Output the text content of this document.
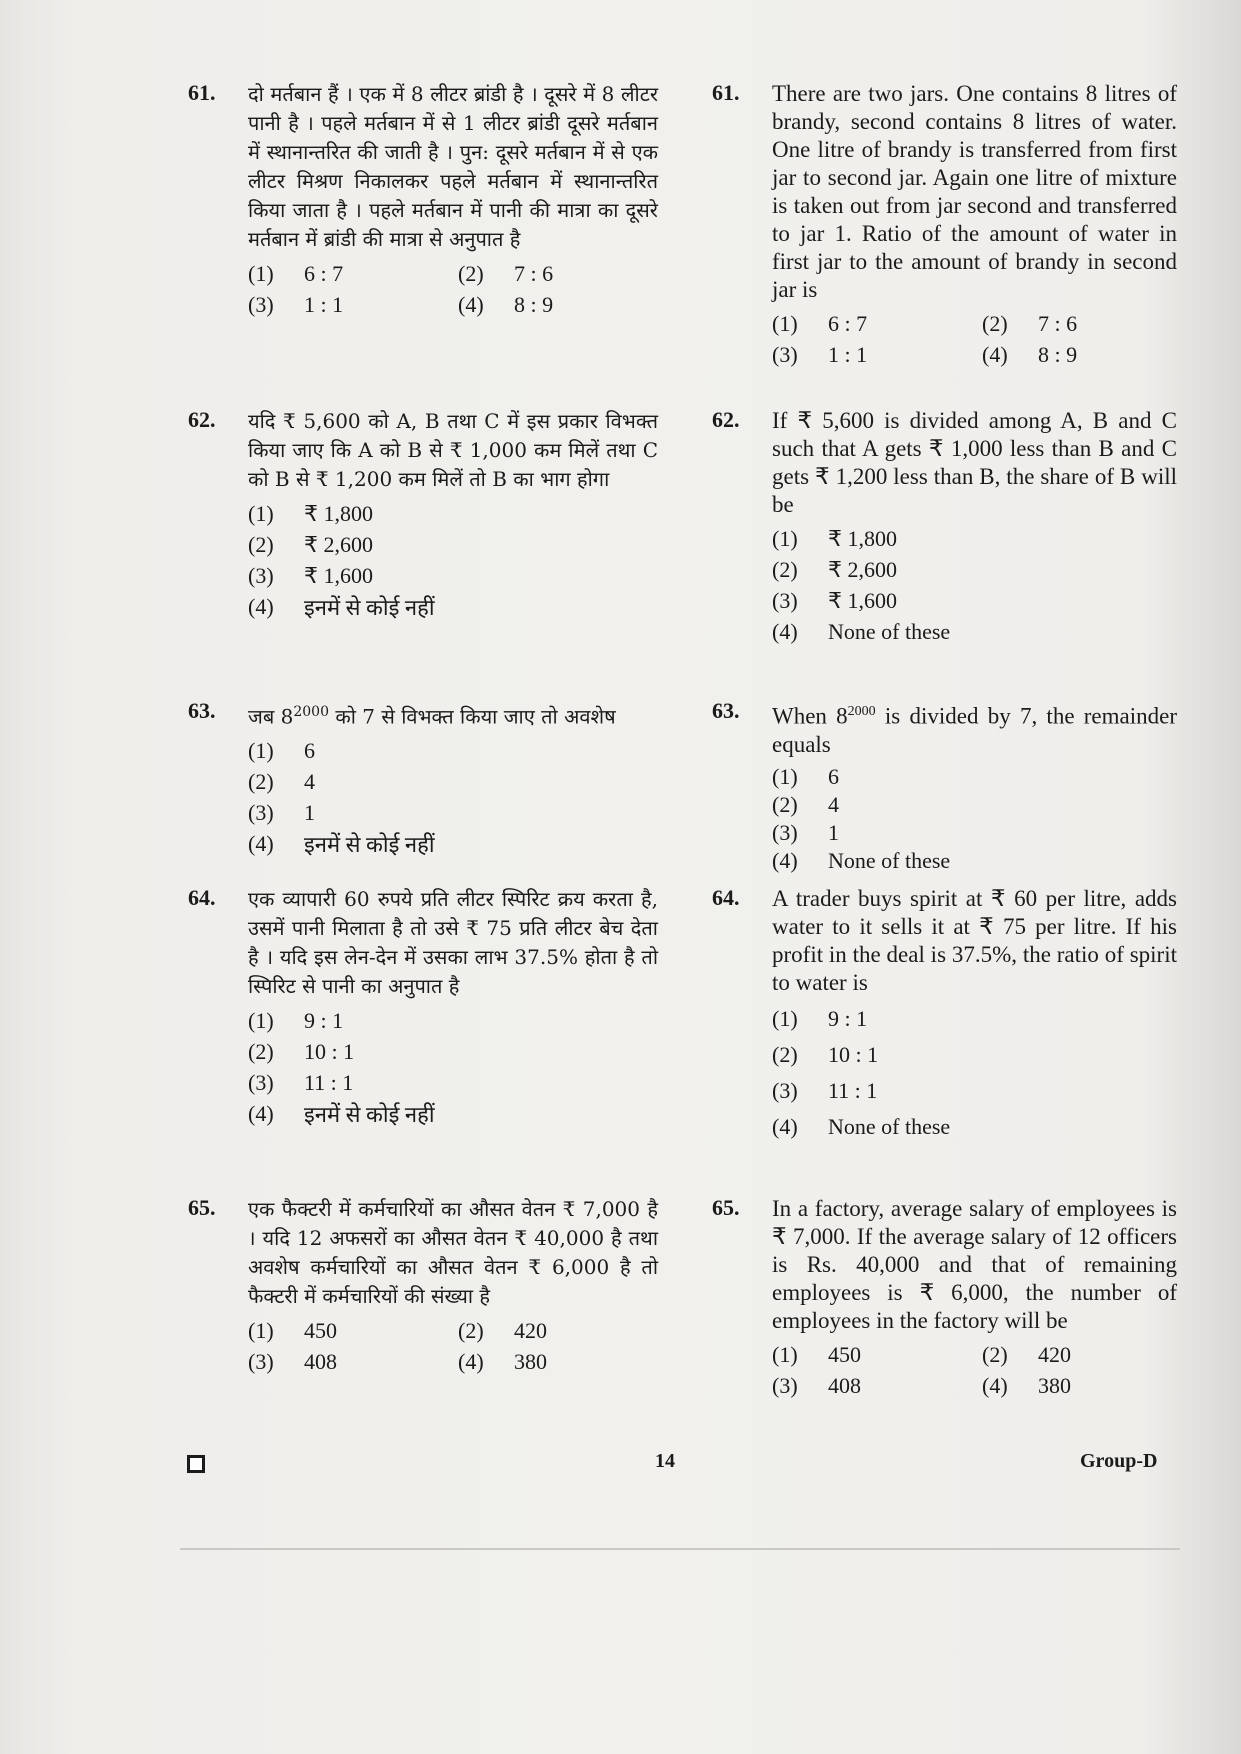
61. दो मर्तबान हैं । एक में 8 लीटर ब्रांडी है । दूसरे में 8 लीटर पानी है । पहले मर्तबान में से 1 लीटर ब्रांडी दूसरे मर्तबान में स्थानान्तरित की जाती है । पुन: दूसरे मर्तबान में से एक लीटर मिश्रण निकालकर पहले मर्तबान में स्थानान्तरित किया जाता है । पहले मर्तबान में पानी की मात्रा का दूसरे मर्तबान में ब्रांडी की मात्रा से अनुपात है
(1)	6 : 7	(2)	7 : 6
(3)	1 : 1	(4)	8 : 9
62. यदि ₹ 5,600 को A, B तथा C में इस प्रकार विभक्त किया जाए कि A को B से ₹ 1,000 कम मिलें तथा C को B से ₹ 1,200 कम मिलें तो B का भाग होगा
(1)	₹ 1,800
(2)	₹ 2,600
(3)	₹ 1,600
(4)	इनमें से कोई नहीं
63. जब $8^{2000}$ को 7 से विभक्त किया जाए तो अवशेष
(1)	6
(2)	4
(3)	1
(4)	इनमें से कोई नहीं
64. एक व्यापारी 60 रुपये प्रति लीटर स्पिरिट क्रय करता है, उसमें पानी मिलाता है तो उसे ₹ 75 प्रति लीटर बेच देता है । यदि इस लेन-देन में उसका लाभ 37.5% होता है तो स्पिरिट से पानी का अनुपात है
(1)	9 : 1
(2)	10 : 1
(3)	11 : 1
(4)	इनमें से कोई नहीं
65. एक फैक्टरी में कर्मचारियों का औसत वेतन ₹ 7,000 है । यदि 12 अफसरों का औसत वेतन ₹ 40,000 है तथा अवशेष कर्मचारियों का औसत वेतन ₹ 6,000 है तो फैक्टरी में कर्मचारियों की संख्या है
(1)	450	(2)	420
(3)	408	(4)	380
61. There are two jars. One contains 8 litres of brandy, second contains 8 litres of water. One litre of brandy is transferred from first jar to second jar. Again one litre of mixture is taken out from jar second and transferred to jar 1. Ratio of the amount of water in first jar to the amount of brandy in second jar is
(1)	6 : 7	(2)	7 : 6
(3)	1 : 1	(4)	8 : 9
62. If ₹ 5,600 is divided among A, B and C such that A gets ₹ 1,000 less than B and C gets ₹ 1,200 less than B, the share of B will be
(1)	₹ 1,800
(2)	₹ 2,600
(3)	₹ 1,600
(4)	None of these
63. When $8^{2000}$ is divided by 7, the remainder equals
(1)	6
(2)	4
(3)	1
(4)	None of these
64. A trader buys spirit at ₹ 60 per litre, adds water to it sells it at ₹ 75 per litre. If his profit in the deal is 37.5%, the ratio of spirit to water is
(1)	9 : 1
(2)	10 : 1
(3)	11 : 1
(4)	None of these
65. In a factory, average salary of employees is ₹ 7,000. If the average salary of 12 officers is Rs. 40,000 and that of remaining employees is ₹ 6,000, the number of employees in the factory will be
(1)	450	(2)	420
(3)	408	(4)	380
14	Group-D
